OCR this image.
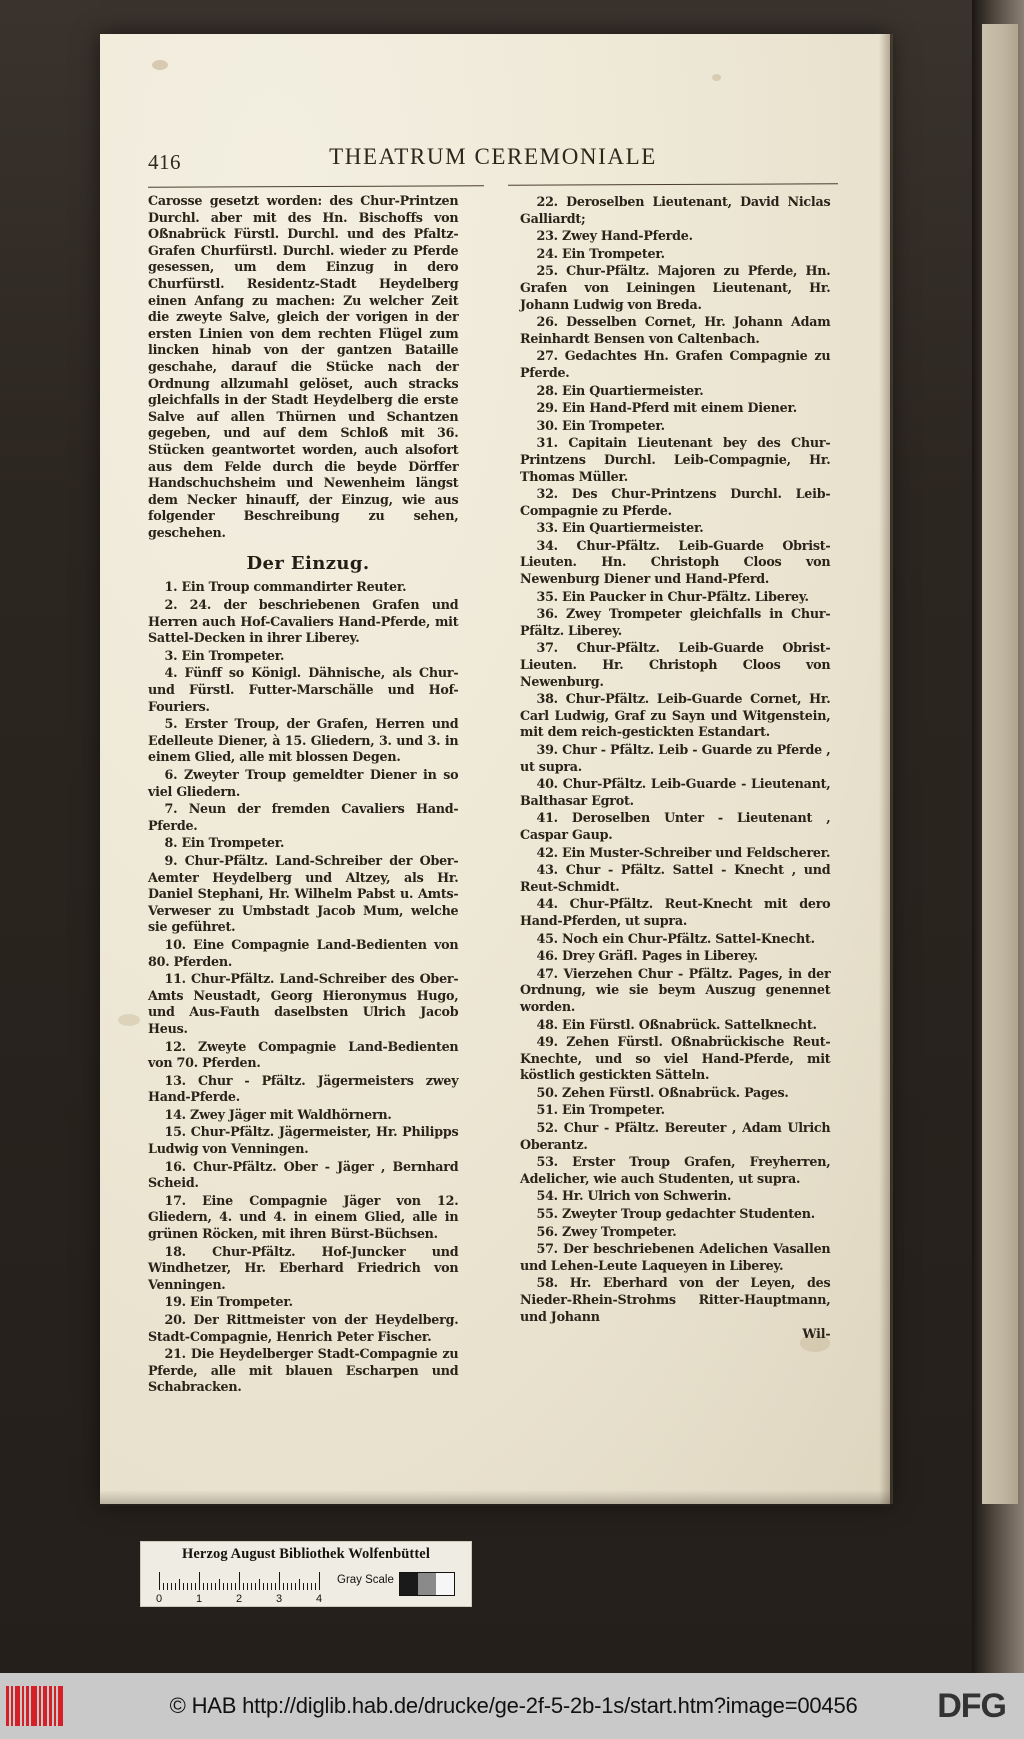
416	THEATRUM CEREMONIALE

Carosse gesetzt worden: des Chur-Printzen Durchl. aber mit des Hn. Bischoffs von Oßnabrück Fürstl. Durchl. und des Pfaltz-Grafen Churfürstl. Durchl. wieder zu Pferde gesessen, um dem Einzug in dero Churfürstl. Residentz-Stadt Heydelberg einen Anfang zu machen: Zu welcher Zeit die zweyte Salve, gleich der vorigen in der ersten Linien von dem rechten Flügel zum lincken hinab von der gantzen Bataille geschahe, darauf die Stücke nach der Ordnung allzumahl gelöset, auch stracks gleichfalls in der Stadt Heydelberg die erste Salve auf allen Thürnen und Schantzen gegeben, und auf dem Schloß mit 36. Stücken geantwortet worden, auch alsofort aus dem Felde durch die beyde Dörffer Handschuchsheim und Newenheim längst dem Necker hinauff, der Einzug, wie aus folgender Beschreibung zu sehen, geschehen.

Der Einzug.

1. Ein Troup commandirter Reuter.

2. 24. der beschriebenen Grafen und Herren auch Hof-Cavaliers Hand-Pferde, mit Sattel-Decken in ihrer Liberey.

3. Ein Trompeter.

4. Fünff so Königl. Dähnische, als Chur-und Fürstl. Futter-Marschälle und Hof-Fouriers.

5. Erster Troup, der Grafen, Herren und Edelleute Diener, à 15. Gliedern, 3. und 3. in einem Glied, alle mit blossen Degen.

6. Zweyter Troup gemeldter Diener in so viel Gliedern.

7. Neun der fremden Cavaliers Hand-Pferde.

8. Ein Trompeter.

9. Chur-Pfältz. Land-Schreiber der Ober-Aemter Heydelberg und Altzey, als Hr. Daniel Stephani, Hr. Wilhelm Pabst u. Amts-Verweser zu Umbstadt Jacob Mum, welche sie geführet.

10. Eine Compagnie Land-Bedienten von 80. Pferden.

11. Chur-Pfältz. Land-Schreiber des Ober-Amts Neustadt, Georg Hieronymus Hugo, und Aus-Fauth daselbsten Ulrich Jacob Heus.

12. Zweyte Compagnie Land-Bedienten von 70. Pferden.

13. Chur - Pfältz. Jägermeisters zwey Hand-Pferde.

14. Zwey Jäger mit Waldhörnern.

15. Chur-Pfältz. Jägermeister, Hr. Philipps Ludwig von Venningen.

16. Chur-Pfältz. Ober - Jäger , Bernhard Scheid.

17. Eine Compagnie Jäger von 12. Gliedern, 4. und 4. in einem Glied, alle in grünen Röcken, mit ihren Bürst-Büchsen.

18. Chur-Pfältz. Hof-Juncker und Windhetzer, Hr. Eberhard Friedrich von Venningen.

19. Ein Trompeter.

20. Der Rittmeister von der Heydelberg. Stadt-Compagnie, Henrich Peter Fischer.

21. Die Heydelberger Stadt-Compagnie zu Pferde, alle mit blauen Escharpen und Schabracken.

22. Deroselben Lieutenant, David Niclas Galliardt;

23. Zwey Hand-Pferde.

24. Ein Trompeter.

25. Chur-Pfältz. Majoren zu Pferde, Hn. Grafen von Leiningen Lieutenant, Hr. Johann Ludwig von Breda.

26. Desselben Cornet, Hr. Johann Adam Reinhardt Bensen von Caltenbach.

27. Gedachtes Hn. Grafen Compagnie zu Pferde.

28. Ein Quartiermeister.

29. Ein Hand-Pferd mit einem Diener.

30. Ein Trompeter.

31. Capitain Lieutenant bey des Chur-Printzens Durchl. Leib-Compagnie, Hr. Thomas Müller.

32. Des Chur-Printzens Durchl. Leib-Compagnie zu Pferde.

33. Ein Quartiermeister.

34. Chur-Pfältz. Leib-Guarde Obrist-Lieuten. Hn. Christoph Cloos von Newenburg Diener und Hand-Pferd.

35. Ein Paucker in Chur-Pfältz. Liberey.

36. Zwey Trompeter gleichfalls in Chur-Pfältz. Liberey.

37. Chur-Pfältz. Leib-Guarde Obrist-Lieuten. Hr. Christoph Cloos von Newenburg.

38. Chur-Pfältz. Leib-Guarde Cornet, Hr. Carl Ludwig, Graf zu Sayn und Witgenstein, mit dem reich-gestickten Estandart.

39. Chur - Pfältz. Leib - Guarde zu Pferde , ut supra.

40. Chur-Pfältz. Leib-Guarde - Lieutenant, Balthasar Egrot.

41. Deroselben Unter - Lieutenant , Caspar Gaup.

42. Ein Muster-Schreiber und Feldscherer.

43. Chur - Pfältz. Sattel - Knecht , und Reut-Schmidt.

44. Chur-Pfältz. Reut-Knecht mit dero Hand-Pferden, ut supra.

45. Noch ein Chur-Pfältz. Sattel-Knecht.

46. Drey Gräfl. Pages in Liberey.

47. Vierzehen Chur - Pfältz. Pages, in der Ordnung, wie sie beym Auszug genennet worden.

48. Ein Fürstl. Oßnabrück. Sattelknecht.

49. Zehen Fürstl. Oßnabrückische Reut-Knechte, und so viel Hand-Pferde, mit köstlich gestickten Sätteln.

50. Zehen Fürstl. Oßnabrück. Pages.

51. Ein Trompeter.

52. Chur - Pfältz. Bereuter , Adam Ulrich Oberantz.

53. Erster Troup Grafen, Freyherren, Adelicher, wie auch Studenten, ut supra.

54. Hr. Ulrich von Schwerin.

55. Zweyter Troup gedachter Studenten.

56. Zwey Trompeter.

57. Der beschriebenen Adelichen Vasallen und Lehen-Leute Laqueyen in Liberey.

58. Hr. Eberhard von der Leyen, des Nieder-Rhein-Strohms Ritter-Hauptmann, und Johann

Wil-
Herzog August Bibliothek Wolfenbüttel
0	1	2	3	4
Gray Scale
© HAB http://diglib.hab.de/drucke/ge-2f-5-2b-1s/start.htm?image=00456	DFG
